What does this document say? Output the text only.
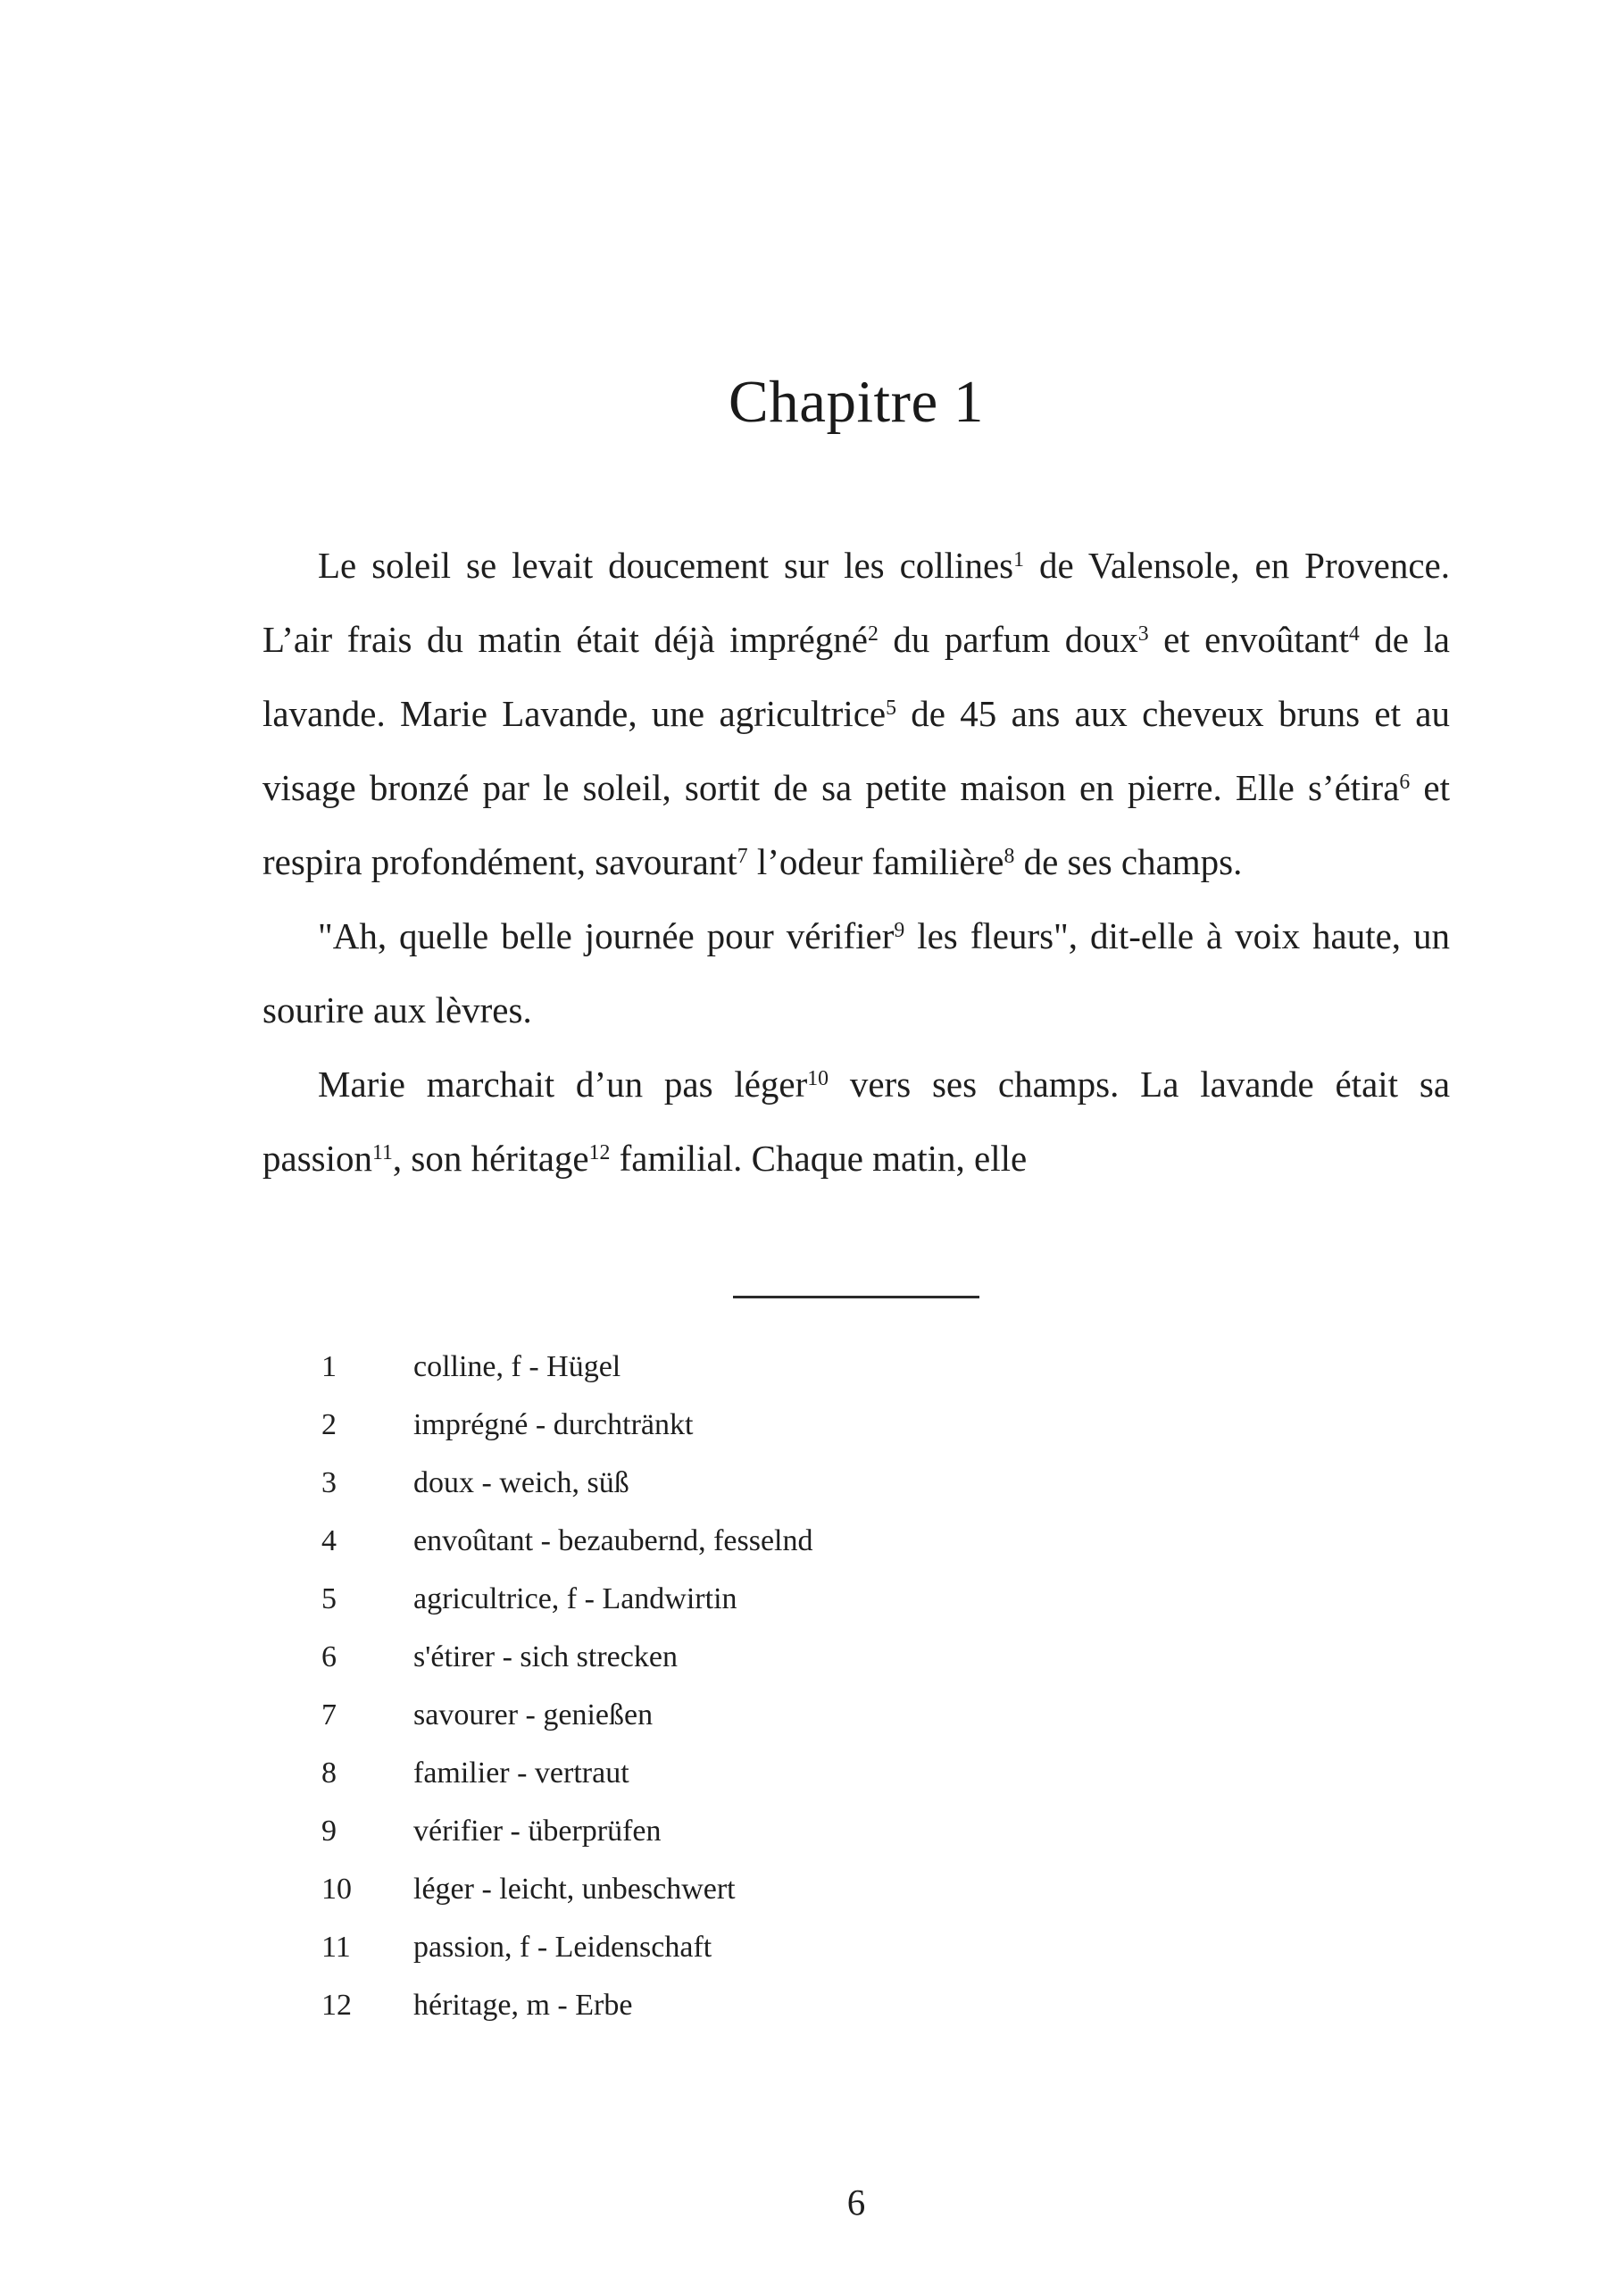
Chapitre 1

Le soleil se levait doucement sur les collines$^1$ de Valensole, en Provence. L’air frais du matin était déjà imprégné$^2$ du parfum doux$^3$ et envoûtant$^4$ de la lavande. Marie Lavande, une agricultrice$^5$ de 45 ans aux cheveux bruns et au visage bronzé par le soleil, sortit de sa petite maison en pierre. Elle s’étira$^6$ et respira profondément, savourant$^7$ l’odeur familière$^8$ de ses champs.

"Ah, quelle belle journée pour vérifier$^9$ les fleurs", dit-elle à voix haute, un sourire aux lèvres.

Marie marchait d’un pas léger$^{10}$ vers ses champs. La lavande était sa passion$^{11}$, son héritage$^{12}$ familial. Chaque matin, elle

1	colline, f - Hügel
2	imprégné - durchtränkt
3	doux - weich, süß
4	envoûtant - bezaubernd, fesselnd
5	agricultrice, f - Landwirtin
6	s'étirer - sich strecken
7	savourer - genießen
8	familier - vertraut
9	vérifier - überprüfen
10	léger - leicht, unbeschwert
11	passion, f - Leidenschaft
12	héritage, m - Erbe
6
